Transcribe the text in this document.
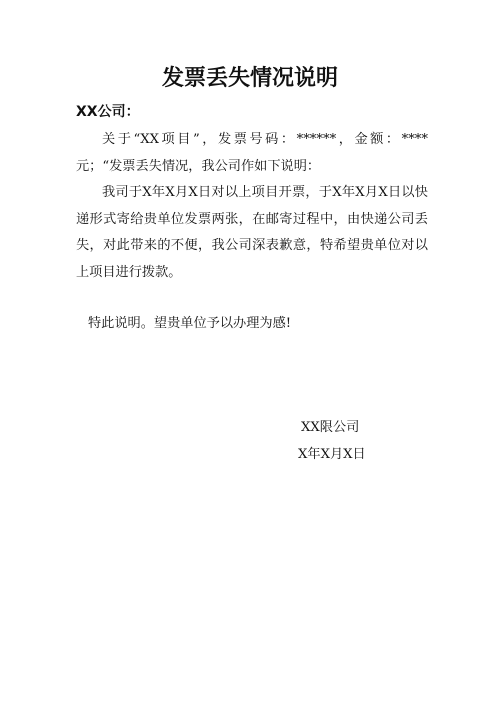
发票丢失情况说明
XX公司：
关于“XX项目”，发票号码：******，金额：****元；“发票丢失情况，我公司作如下说明：
我司于X年X月X日对以上项目开票，于X年X月X日以快递形式寄给贵单位发票两张，在邮寄过程中，由快递公司丢失，对此带来的不便，我公司深表歉意，特希望贵单位对以上项目进行拨款。
特此说明。望贵单位予以办理为感!
XX限公司
X年X月X日
